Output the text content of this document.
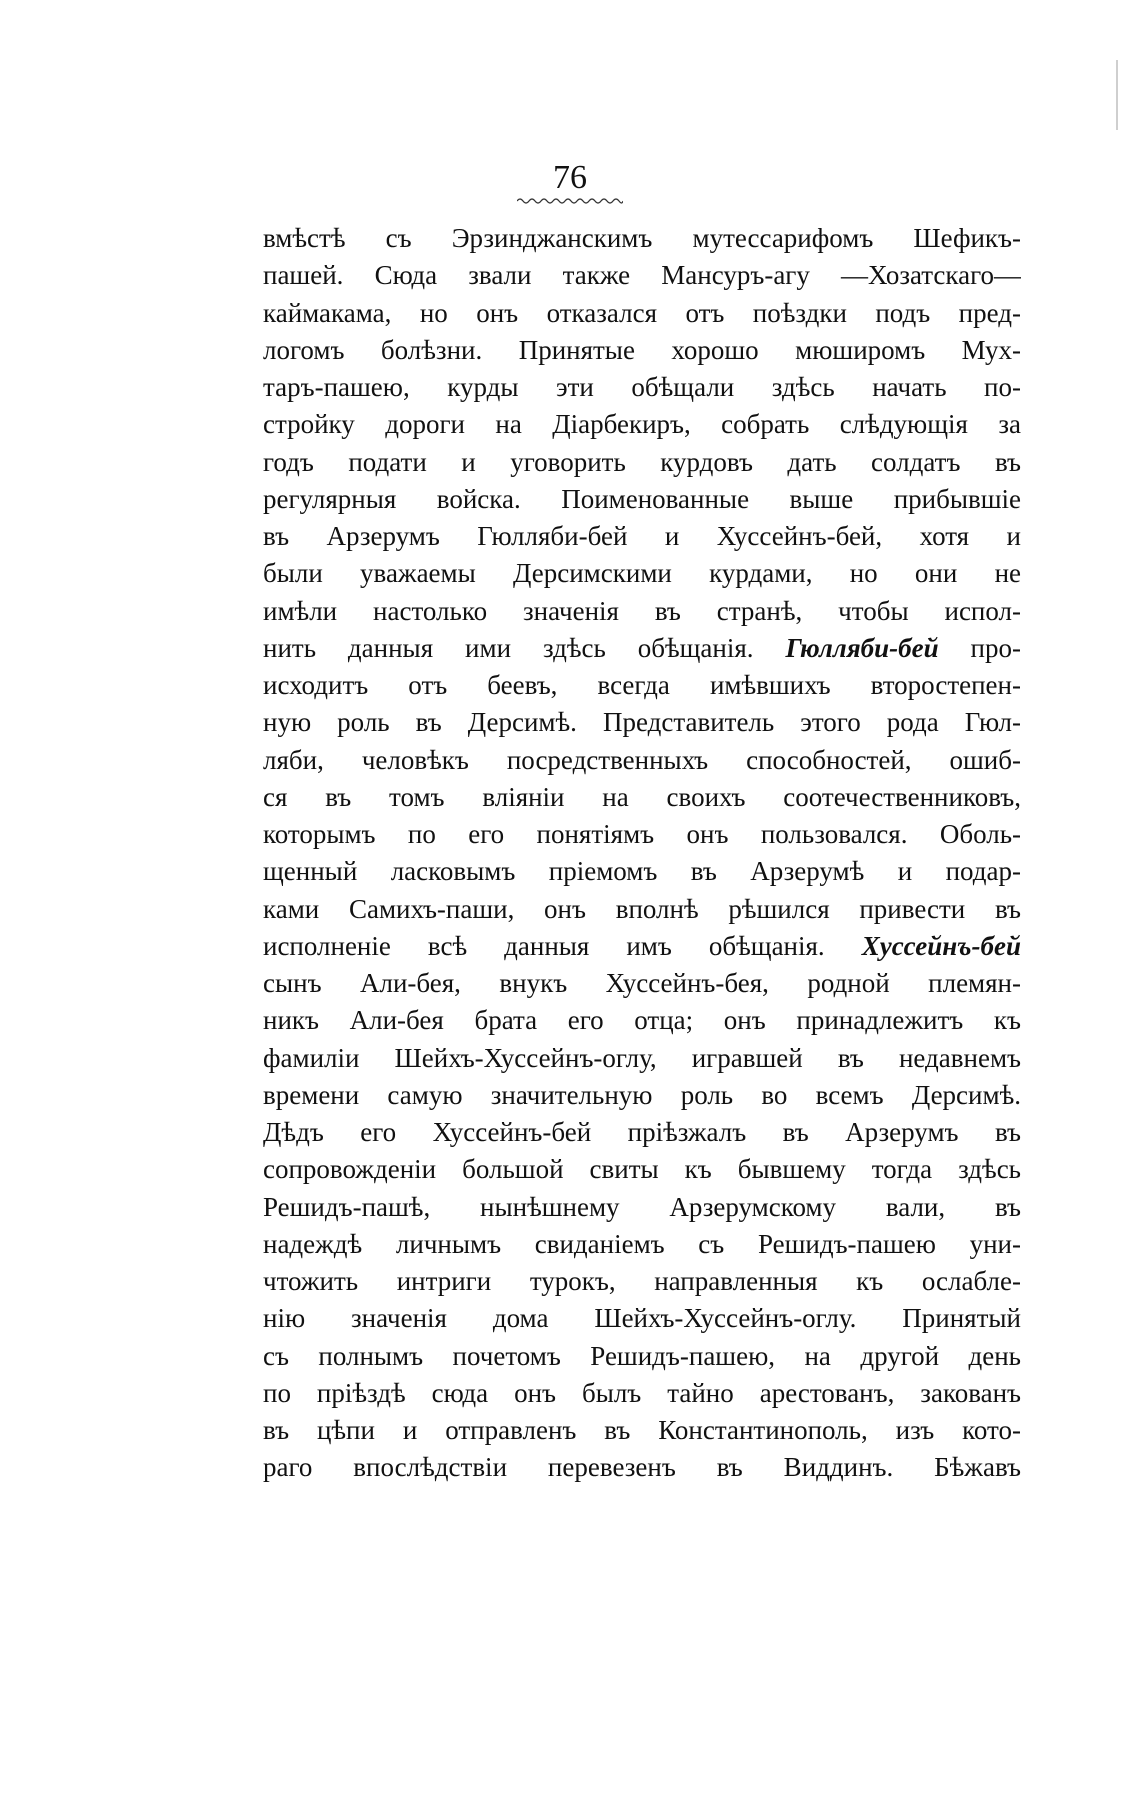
76
вмѣстѣ съ Эрзинджанскимъ мутессарифомъ Шефикъ-
пашей. Сюда звали также Мансуръ-агу —Хозатскаго—
каймакама, но онъ отказался отъ поѣздки подъ пред-
логомъ болѣзни. Принятые хорошо мюширомъ Мух-
таръ-пашею, курды эти обѣщали здѣсь начать по-
стройку дороги на Діарбекиръ, собрать слѣдующія за
годъ подати и уговорить курдовъ дать солдатъ въ
регулярныя войска. Поименованные выше прибывшіе
въ Арзерумъ Гюлляби-бей и Хуссейнъ-бей, хотя и
были уважаемы Дерсимскими курдами, но они не
имѣли настолько значенія въ странѣ, чтобы испол-
нить данныя ими здѣсь обѣщанія. Гюлляби-бей про-
исходитъ отъ беевъ, всегда имѣвшихъ второстепен-
ную роль въ Дерсимѣ. Представитель этого рода Гюл-
ляби, человѣкъ посредственныхъ способностей, ошиб-
ся въ томъ вліяніи на своихъ соотечественниковъ,
которымъ по его понятіямъ онъ пользовался. Оболь-
щенный ласковымъ пріемомъ въ Арзерумѣ и подар-
ками Самихъ-паши, онъ вполнѣ рѣшился привести въ
исполненіе всѣ данныя имъ обѣщанія. Хуссейнъ-бей
сынъ Али-бея, внукъ Хуссейнъ-бея, родной племян-
никъ Али-бея брата его отца; онъ принадлежитъ къ
фамиліи Шейхъ-Хуссейнъ-оглу, игравшей въ недавнемъ
времени самую значительную роль во всемъ Дерсимѣ.
Дѣдъ его Хуссейнъ-бей пріѣзжалъ въ Арзерумъ въ
сопровожденіи большой свиты къ бывшему тогда здѣсь
Решидъ-пашѣ, нынѣшнему Арзерумскому вали, въ
надеждѣ личнымъ свиданіемъ съ Решидъ-пашею уни-
чтожить интриги турокъ, направленныя къ ослабле-
нію значенія дома Шейхъ-Хуссейнъ-оглу. Принятый
съ полнымъ почетомъ Решидъ-пашею, на другой день
по пріѣздѣ сюда онъ былъ тайно арестованъ, закованъ
въ цѣпи и отправленъ въ Константинополь, изъ кото-
раго впослѣдствіи перевезенъ въ Виддинъ. Бѣжавъ
